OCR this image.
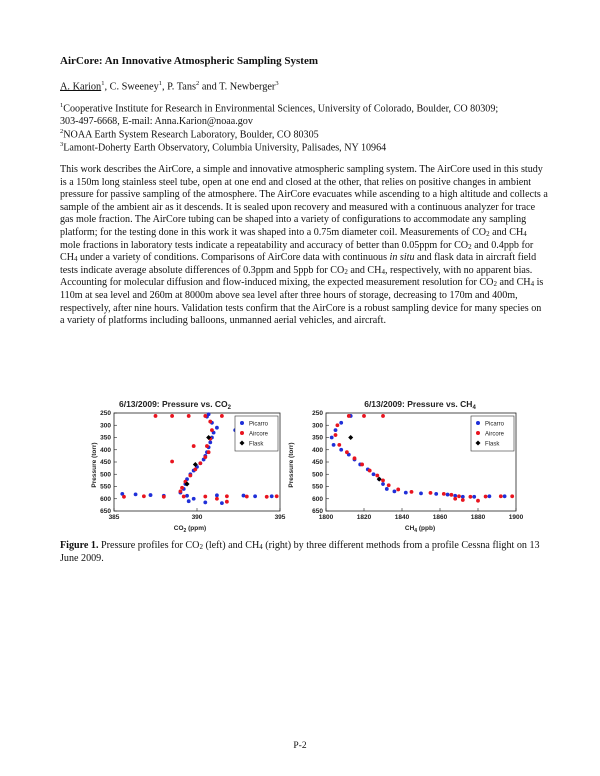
AirCore: An Innovative Atmospheric Sampling System
A. Karion$^1$, C. Sweeney$^1$, P. Tans$^2$ and T. Newberger$^3$
$^1$Cooperative Institute for Research in Environmental Sciences, University of Colorado, Boulder, CO 80309;
303-497-6668, E-mail: Anna.Karion@noaa.gov
$^2$NOAA Earth System Research Laboratory, Boulder, CO 80305
$^3$Lamont-Doherty Earth Observatory, Columbia University, Palisades, NY 10964
This work describes the AirCore, a simple and innovative atmospheric sampling system. The AirCore used in this study is a 150m long stainless steel tube, open at one end and closed at the other, that relies on positive changes in ambient pressure for passive sampling of the atmosphere. The AirCore evacuates while ascending to a high altitude and collects a sample of the ambient air as it descends. It is sealed upon recovery and measured with a continuous analyzer for trace gas mole fraction. The AirCore tubing can be shaped into a variety of configurations to accommodate any sampling platform; for the testing done in this work it was shaped into a 0.75m diameter coil. Measurements of $CO_2$ and $CH_4$ mole fractions in laboratory tests indicate a repeatability and accuracy of better than 0.05ppm for $CO_2$ and 0.4ppb for $CH_4$ under a variety of conditions. Comparisons of AirCore data with continuous in situ and flask data in aircraft field tests indicate average absolute differences of 0.3ppm and 5ppb for $CO_2$ and $CH_4$, respectively, with no apparent bias. Accounting for molecular diffusion and flow-induced mixing, the expected measurement resolution for $CO_2$ and $CH_4$ is 110m at sea level and 260m at 8000m above sea level after three hours of storage, decreasing to 170m and 400m, respectively, after nine hours. Validation tests confirm that the AirCore is a robust sampling device for many species on a variety of platforms including balloons, unmanned aerial vehicles, and aircraft.
6/13/2009: Pressure vs. $CO_2$
Pressure (torr)
$CO_2$ (ppm)
250
300
350
400
450
500
550
600
650
385	390	395
Picarro
Aircore
Flask
6/13/2009: Pressure vs. $CH_4$
Pressure (torr)
$CH_4$ (ppb)
250
300
350
400
450
500
550
600
650
1800	1820	1840	1860	1880	1900
Picarro
Aircore
Flask
Figure 1. Pressure profiles for $CO_2$ (left) and $CH_4$ (right) by three different methods from a profile Cessna flight on 13 June 2009.
P-2
